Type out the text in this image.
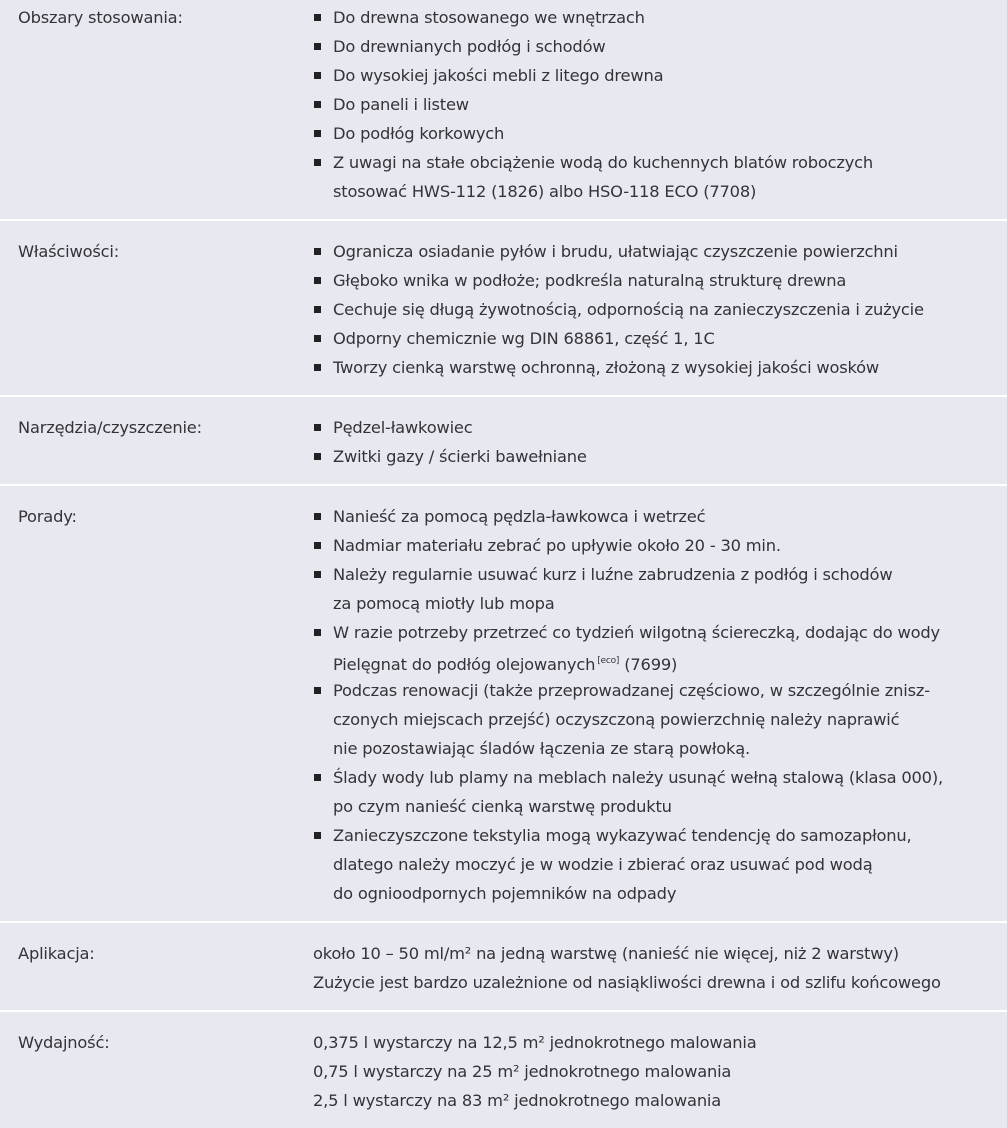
Obszary stosowania:	Do drewna stosowanego we wnętrzach
Do drewnianych podłóg i schodów
Do wysokiej jakości mebli z litego drewna
Do paneli i listew
Do podłóg korkowych
Z uwagi na stałe obciążenie wodą do kuchennych blatów roboczych
stosować HWS-112 (1826) albo HSO-118 ECO (7708)
Właściwości:	Ogranicza osiadanie pyłów i brudu, ułatwiając czyszczenie powierzchni
Głęboko wnika w podłoże; podkreśla naturalną strukturę drewna
Cechuje się długą żywotnością, odpornością na zanieczyszczenia i zużycie
Odporny chemicznie wg DIN 68861, część 1, 1C
Tworzy cienką warstwę ochronną, złożoną z wysokiej jakości wosków
Narzędzia/czyszczenie:	Pędzel-ławkowiec
Zwitki gazy / ścierki bawełniane
Porady:	Nanieść za pomocą pędzla-ławkowca i wetrzeć
Nadmiar materiału zebrać po upływie około 20 - 30 min.
Należy regularnie usuwać kurz i luźne zabrudzenia z podłóg i schodów
za pomocą miotły lub mopa
W razie potrzeby przetrzeć co tydzień wilgotną ściereczką, dodając do wody
Pielęgnat do podłóg olejowanych [eco] (7699)
Podczas renowacji (także przeprowadzanej częściowo, w szczególnie znisz-
czonych miejscach przejść) oczyszczoną powierzchnię należy naprawić
nie pozostawiając śladów łączenia ze starą powłoką.
Ślady wody lub plamy na meblach należy usunąć wełną stalową (klasa 000),
po czym nanieść cienką warstwę produktu
Zanieczyszczone tekstylia mogą wykazywać tendencję do samozapłonu,
dlatego należy moczyć je w wodzie i zbierać oraz usuwać pod wodą
do ognioodpornych pojemników na odpady
Aplikacja:	około 10 – 50 ml/m² na jedną warstwę (nanieść nie więcej, niż 2 warstwy)
Zużycie jest bardzo uzależnione od nasiąkliwości drewna i od szlifu końcowego
Wydajność:	0,375 l wystarczy na 12,5 m² jednokrotnego malowania
0,75 l wystarczy na 25 m² jednokrotnego malowania
2,5 l wystarczy na 83 m² jednokrotnego malowania
